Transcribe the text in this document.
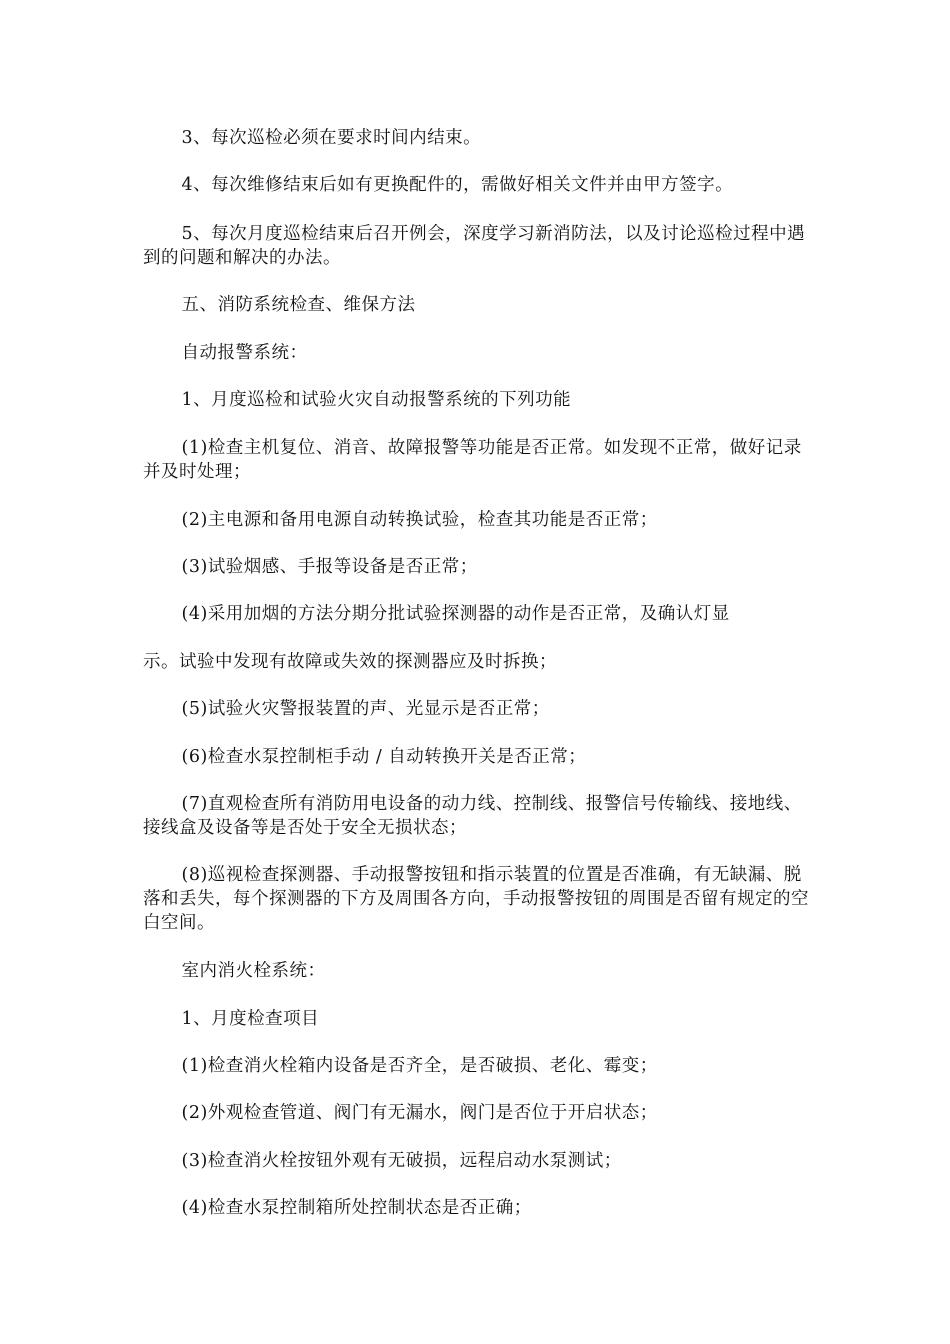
3、每次巡检必须在要求时间内结束。

4、每次维修结束后如有更换配件的，需做好相关文件并由甲方签字。

5、每次月度巡检结束后召开例会，深度学习新消防法，以及讨论巡检过程中遇到的问题和解决的办法。

五、消防系统检查、维保方法

自动报警系统：

1、月度巡检和试验火灾自动报警系统的下列功能

(1)检查主机复位、消音、故障报警等功能是否正常。如发现不正常，做好记录并及时处理；

(2)主电源和备用电源自动转换试验，检查其功能是否正常；

(3)试验烟感、手报等设备是否正常；

(4)采用加烟的方法分期分批试验探测器的动作是否正常，及确认灯显

示。试验中发现有故障或失效的探测器应及时拆换；

(5)试验火灾警报装置的声、光显示是否正常；

(6)检查水泵控制柜手动 / 自动转换开关是否正常；

(7)直观检查所有消防用电设备的动力线、控制线、报警信号传输线、接地线、接线盒及设备等是否处于安全无损状态；

(8)巡视检查探测器、手动报警按钮和指示装置的位置是否准确，有无缺漏、脱落和丢失，每个探测器的下方及周围各方向，手动报警按钮的周围是否留有规定的空白空间。

室内消火栓系统：

1、月度检查项目

(1)检查消火栓箱内设备是否齐全，是否破损、老化、霉变；

(2)外观检查管道、阀门有无漏水，阀门是否位于开启状态；

(3)检查消火栓按钮外观有无破损，远程启动水泵测试；

(4)检查水泵控制箱所处控制状态是否正确；
